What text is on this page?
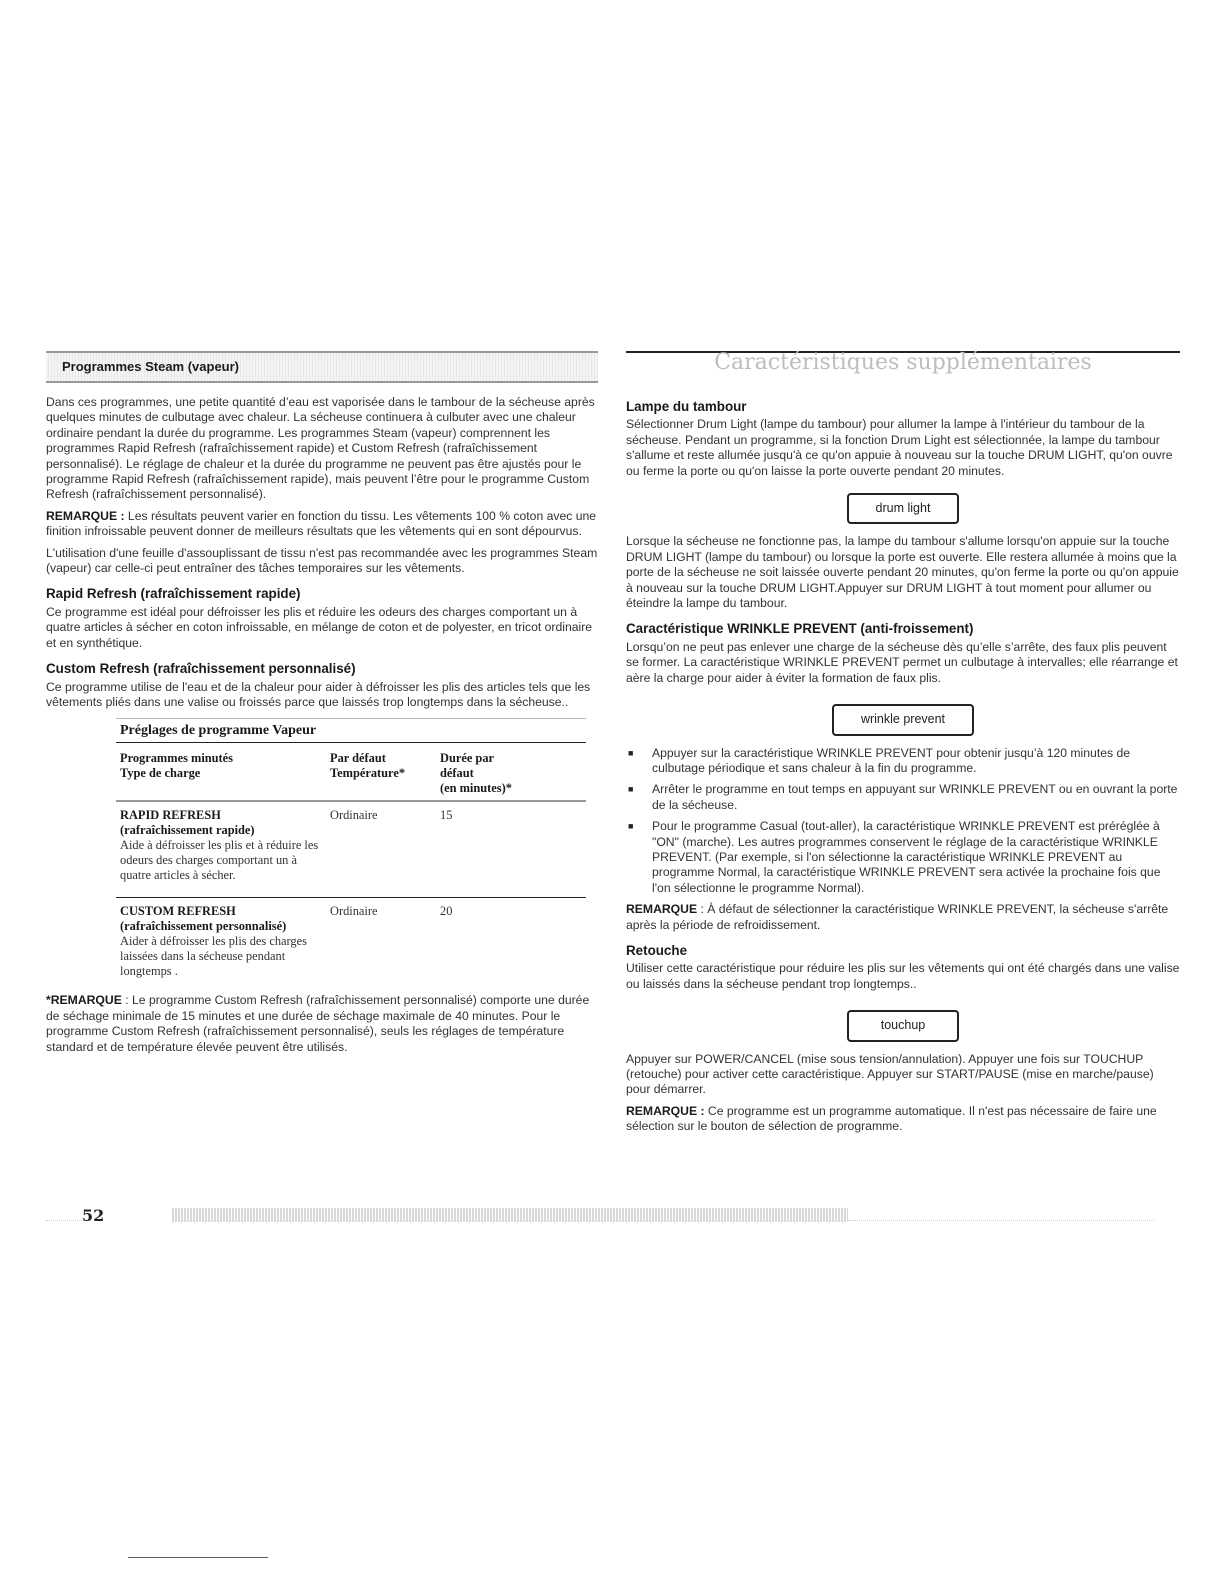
Programmes Steam (vapeur)

Dans ces programmes, une petite quantité d’eau est vaporisée dans le tambour de la sécheuse après quelques minutes de culbutage avec chaleur. La sécheuse continuera à culbuter avec une chaleur ordinaire pendant la durée du programme. Les programmes Steam (vapeur) comprennent les programmes Rapid Refresh (rafraîchissement rapide) et Custom Refresh (rafraîchissement personnalisé). Le réglage de chaleur et la durée du programme ne peuvent pas être ajustés pour le programme Rapid Refresh (rafraîchissement rapide), mais peuvent l’être pour le programme Custom Refresh (rafraîchissement personnalisé).

REMARQUE : Les résultats peuvent varier en fonction du tissu. Les vêtements 100 % coton avec une finition infroissable peuvent donner de meilleurs résultats que les vêtements qui en sont dépourvus.

L'utilisation d'une feuille d'assouplissant de tissu n'est pas recommandée avec les programmes Steam (vapeur) car celle-ci peut entraîner des tâches temporaires sur les vêtements.

Rapid Refresh (rafraîchissement rapide)

Ce programme est idéal pour défroisser les plis et réduire les odeurs des charges comportant un à quatre articles à sécher en coton infroissable, en mélange de coton et de polyester, en tricot ordinaire et en synthétique.

Custom Refresh (rafraîchissement personnalisé)

Ce programme utilise de l'eau et de la chaleur pour aider à défroisser les plis des articles tels que les vêtements pliés dans une valise ou froissés parce que laissés trop longtemps dans la sécheuse..

Préglages de programme Vapeur
Programmes minutés
Type de charge
Par défaut
Température*
Durée par
défaut
(en minutes)*
RAPID REFRESH
(rafraîchissement rapide)
Aide à défroisser les plis et à réduire les odeurs des charges comportant un à quatre articles à sécher.
Ordinaire	15
CUSTOM REFRESH
(rafraîchissement personnalisé)
Aider à défroisser les plis des charges laissées dans la sécheuse pendant longtemps .
Ordinaire	20

*REMARQUE : Le programme Custom Refresh (rafraîchissement personnalisé) comporte une durée de séchage minimale de 15 minutes et une durée de séchage maximale de 40 minutes. Pour le programme Custom Refresh (rafraîchissement personnalisé), seuls les réglages de température standard et de température élevée peuvent être utilisés.

Caractéristiques supplémentaires
Lampe du tambour

Sélectionner Drum Light (lampe du tambour) pour allumer la lampe à l'intérieur du tambour de la sécheuse. Pendant un programme, si la fonction Drum Light est sélectionnée, la lampe du tambour s'allume et reste allumée jusqu'à ce qu'on appuie à nouveau sur la touche DRUM LIGHT, qu'on ouvre ou ferme la porte ou qu'on laisse la porte ouverte pendant 20 minutes.

drum light

Lorsque la sécheuse ne fonctionne pas, la lampe du tambour s'allume lorsqu'on appuie sur la touche DRUM LIGHT (lampe du tambour) ou lorsque la porte est ouverte. Elle restera allumée à moins que la porte de la sécheuse ne soit laissée ouverte pendant 20 minutes, qu'on ferme la porte ou qu'on appuie à nouveau sur la touche DRUM LIGHT.Appuyer sur DRUM LIGHT à tout moment pour allumer ou éteindre la lampe du tambour.

Caractéristique WRINKLE PREVENT (anti-froissement)

Lorsqu’on ne peut pas enlever une charge de la sécheuse dès qu’elle s’arrête, des faux plis peuvent se former. La caractéristique WRINKLE PREVENT permet un culbutage à intervalles; elle réarrange et aère la charge pour aider à éviter la formation de faux plis.

wrinkle prevent
■ Appuyer sur la caractéristique WRINKLE PREVENT pour obtenir jusqu’à 120 minutes de culbutage périodique et sans chaleur à la fin du programme.
■ Arrêter le programme en tout temps en appuyant sur WRINKLE PREVENT ou en ouvrant la porte de la sécheuse.
■ Pour le programme Casual (tout-aller), la caractéristique WRINKLE PREVENT est préréglée à "ON" (marche). Les autres programmes conservent le réglage de la caractéristique WRINKLE PREVENT. (Par exemple, si l'on sélectionne la caractéristique WRINKLE PREVENT au programme Normal, la caractéristique WRINKLE PREVENT sera activée la prochaine fois que l'on sélectionne le programme Normal).

REMARQUE : À défaut de sélectionner la caractéristique WRINKLE PREVENT, la sécheuse s'arrête après la période de refroidissement.

Retouche

Utiliser cette caractéristique pour réduire les plis sur les vêtements qui ont été chargés dans une valise ou laissés dans la sécheuse pendant trop longtemps..

touchup

Appuyer sur POWER/CANCEL (mise sous tension/annulation). Appuyer une fois sur TOUCHUP (retouche) pour activer cette caractéristique. Appuyer sur START/PAUSE (mise en marche/pause) pour démarrer.

REMARQUE : Ce programme est un programme automatique. Il n'est pas nécessaire de faire une sélection sur le bouton de sélection de programme.

52
